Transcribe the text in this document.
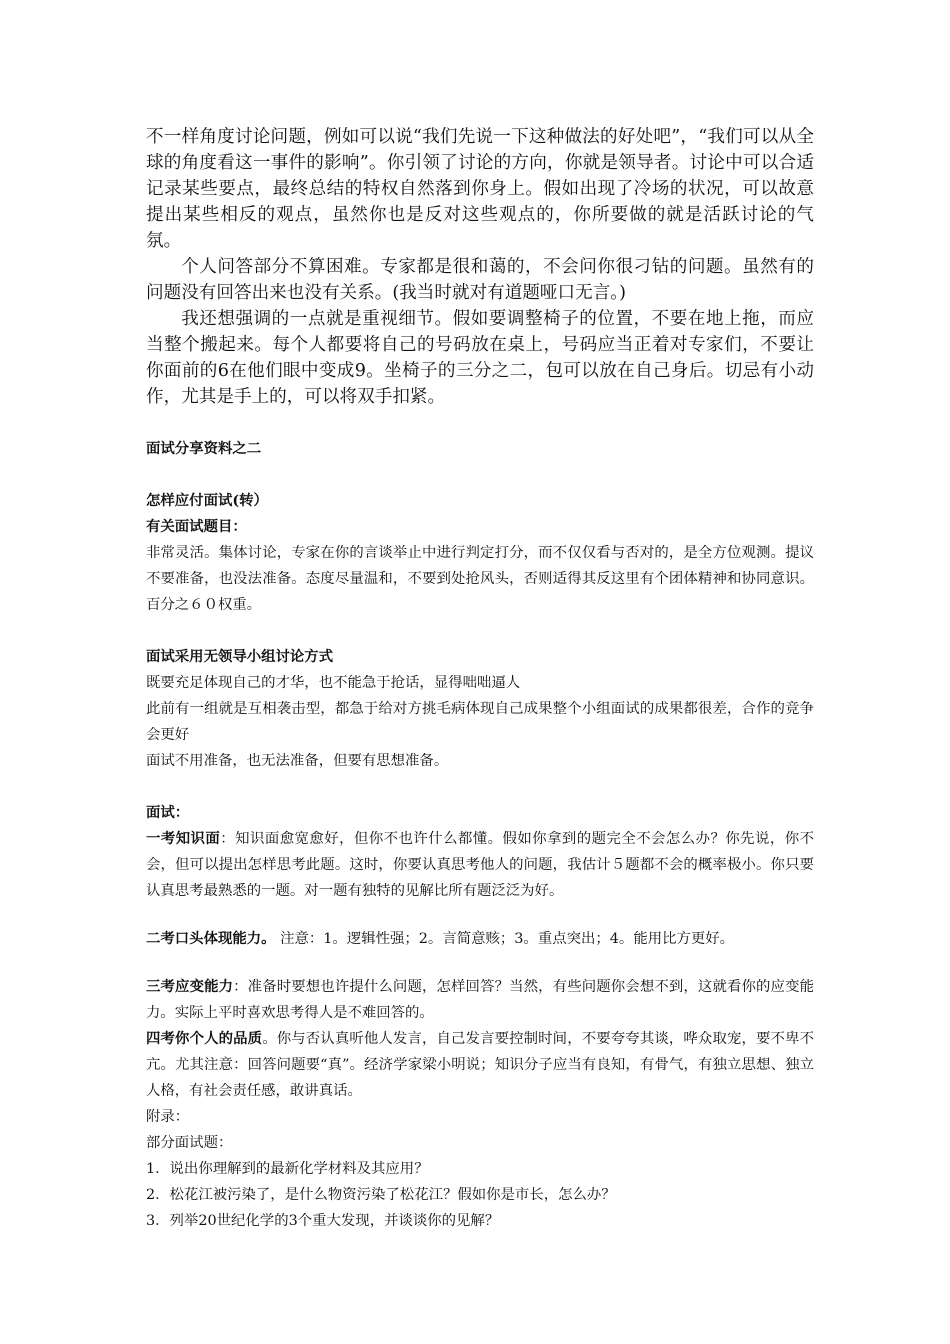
不一样角度讨论问题，例如可以说“我们先说一下这种做法的好处吧”，“我们可以从全球的角度看这一事件的影响”。你引领了讨论的方向，你就是领导者。讨论中可以合适记录某些要点，最终总结的特权自然落到你身上。假如出现了冷场的状况，可以故意提出某些相反的观点，虽然你也是反对这些观点的，你所要做的就是活跃讨论的气氛。

个人问答部分不算困难。专家都是很和蔼的，不会问你很刁钻的问题。虽然有的问题没有回答出来也没有关系。(我当时就对有道题哑口无言。)

我还想强调的一点就是重视细节。假如要调整椅子的位置，不要在地上拖，而应当整个搬起来。每个人都要将自己的号码放在桌上，号码应当正着对专家们，不要让你面前的6在他们眼中变成9。坐椅子的三分之二，包可以放在自己身后。切忌有小动作，尤其是手上的，可以将双手扣紧。

面试分享资料之二

怎样应付面试(转）

有关面试题目：

非常灵活。集体讨论，专家在你的言谈举止中进行判定打分，而不仅仅看与否对的，是全方位观测。提议不要准备，也没法准备。态度尽量温和，不要到处抢风头，否则适得其反这里有个团体精神和协同意识。百分之６０权重。

面试采用无领导小组讨论方式

既要充足体现自己的才华，也不能急于抢话，显得咄咄逼人

此前有一组就是互相袭击型，都急于给对方挑毛病体现自己成果整个小组面试的成果都很差，合作的竞争会更好

面试不用准备，也无法准备，但要有思想准备。

面试：

一考知识面：知识面愈宽愈好，但你不也许什么都懂。假如你拿到的题完全不会怎么办？你先说，你不会，但可以提出怎样思考此题。这时，你要认真思考他人的问题，我估计５题都不会的概率极小。你只要认真思考最熟悉的一题。对一题有独特的见解比所有题泛泛为好。

二考口头体现能力。 注意：1。逻辑性强；2。言简意赅；3。重点突出；4。能用比方更好。

三考应变能力：准备时要想也许提什么问题，怎样回答？当然，有些问题你会想不到，这就看你的应变能力。实际上平时喜欢思考得人是不难回答的。

四考你个人的品质。你与否认真听他人发言，自己发言要控制时间，不要夸夸其谈，哗众取宠，要不卑不亢。尤其注意：回答问题要“真”。经济学家梁小明说；知识分子应当有良知，有骨气，有独立思想、独立人格，有社会责任感，敢讲真话。

附录：

部分面试题：

1．说出你理解到的最新化学材料及其应用？

2．松花江被污染了，是什么物资污染了松花江？假如你是市长，怎么办？

3．列举20世纪化学的3个重大发现，并谈谈你的见解？
